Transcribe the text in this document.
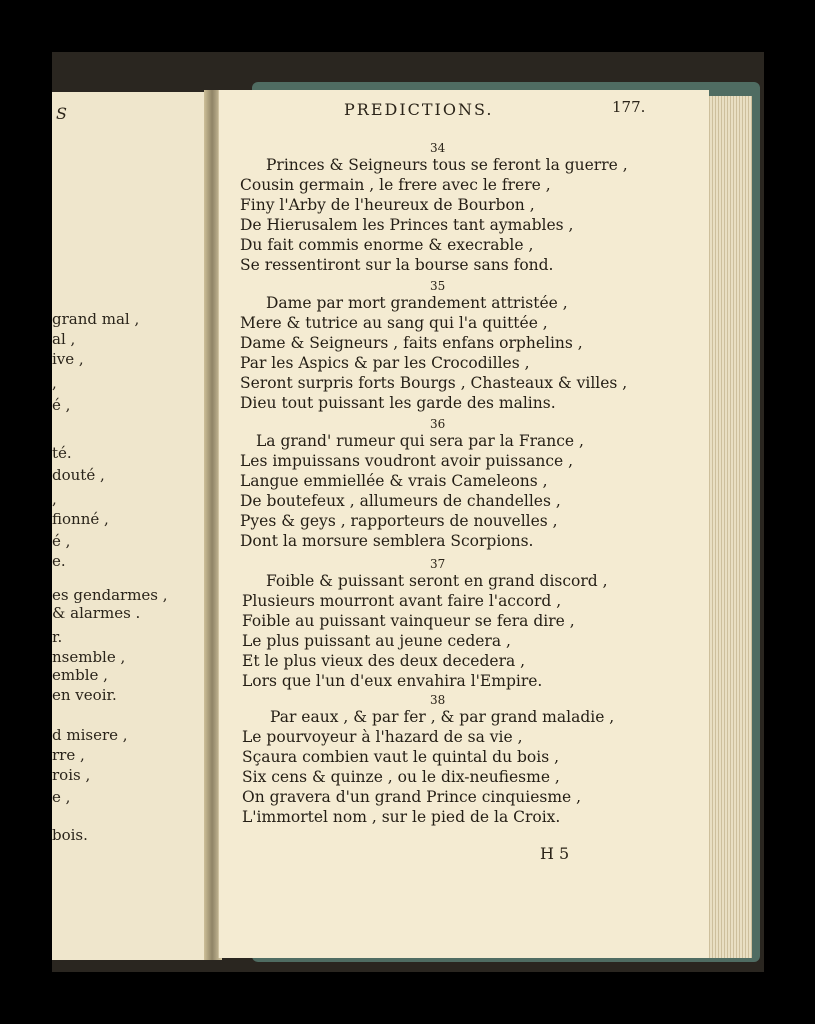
grand mal ,
al ,
ive ,
,
é ,
té.
douté ,
,
fionné ,
é ,
e.
es gendarmes ,
& alarmes .
r.
nsemble ,
emble ,
en veoir.
d misere ,
rre ,
rois ,
e ,
bois.
S	PREDICTIONS.	177.
34
Princes & Seigneurs tous se feront la guerre ,
Cousin germain , le frere avec le frere ,
Finy l'Arby de l'heureux de Bourbon ,
De Hierusalem les Princes tant aymables ,
Du fait commis enorme & execrable ,
Se ressentiront sur la bourse sans fond.
35
Dame par mort grandement attristée ,
Mere & tutrice au sang qui l'a quittée ,
Dame & Seigneurs , faits enfans orphelins ,
Par les Aspics & par les Crocodilles ,
Seront surpris forts Bourgs , Chasteaux & villes ,
Dieu tout puissant les garde des malins.
36
La grand' rumeur qui sera par la France ,
Les impuissans voudront avoir puissance ,
Langue emmiellée & vrais Cameleons ,
De boutefeux , allumeurs de chandelles ,
Pyes & geys , rapporteurs de nouvelles ,
Dont la morsure semblera Scorpions.
37
Foible & puissant seront en grand discord ,
Plusieurs mourront avant faire l'accord ,
Foible au puissant vainqueur se fera dire ,
Le plus puissant au jeune cedera ,
Et le plus vieux des deux decedera ,
Lors que l'un d'eux envahira l'Empire.
38
Par eaux , & par fer , & par grand maladie ,
Le pourvoyeur à l'hazard de sa vie ,
Sçaura combien vaut le quintal du bois ,
Six cens & quinze , ou le dix-neufiesme ,
On gravera d'un grand Prince cinquiesme ,
L'immortel nom , sur le pied de la Croix.
H 5
